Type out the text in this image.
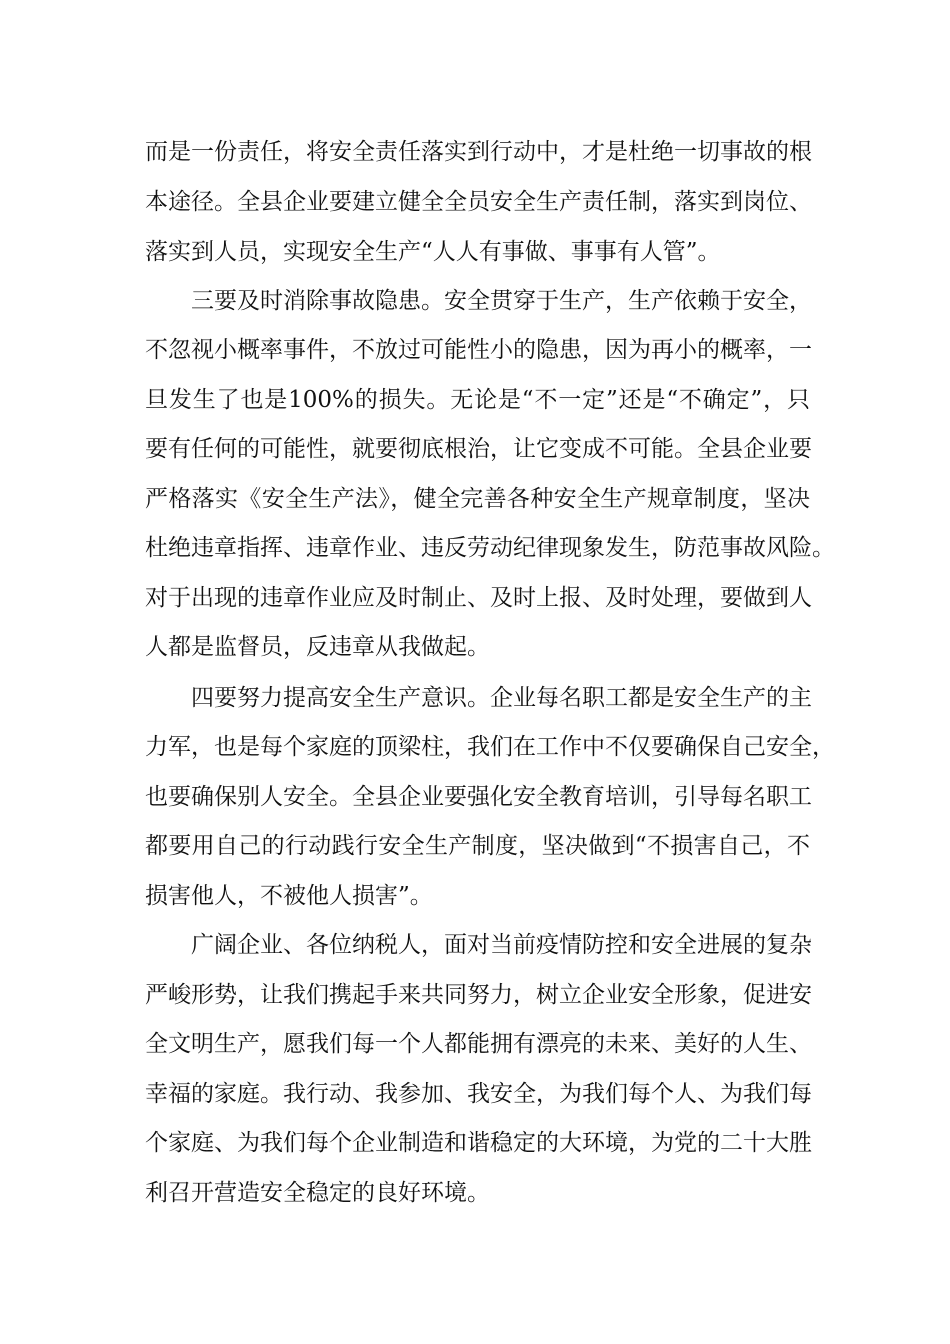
而是一份责任，将安全责任落实到行动中，才是杜绝一切事故的根
本途径。全县企业要建立健全全员安全生产责任制，落实到岗位、
落实到人员，实现安全生产“人人有事做、事事有人管”。
三要及时消除事故隐患。安全贯穿于生产，生产依赖于安全，
不忽视小概率事件，不放过可能性小的隐患，因为再小的概率，一
旦发生了也是100%的损失。无论是“不一定”还是“不确定”，只
要有任何的可能性，就要彻底根治，让它变成不可能。全县企业要
严格落实《安全生产法》，健全完善各种安全生产规章制度，坚决
杜绝违章指挥、违章作业、违反劳动纪律现象发生，防范事故风险。
对于出现的违章作业应及时制止、及时上报、及时处理，要做到人
人都是监督员，反违章从我做起。
四要努力提高安全生产意识。企业每名职工都是安全生产的主
力军，也是每个家庭的顶梁柱，我们在工作中不仅要确保自己安全，
也要确保别人安全。全县企业要强化安全教育培训，引导每名职工
都要用自己的行动践行安全生产制度，坚决做到“不损害自己，不
损害他人，不被他人损害”。
广阔企业、各位纳税人，面对当前疫情防控和安全进展的复杂
严峻形势，让我们携起手来共同努力，树立企业安全形象，促进安
全文明生产，愿我们每一个人都能拥有漂亮的未来、美好的人生、
幸福的家庭。我行动、我参加、我安全，为我们每个人、为我们每
个家庭、为我们每个企业制造和谐稳定的大环境，为党的二十大胜
利召开营造安全稳定的良好环境。
